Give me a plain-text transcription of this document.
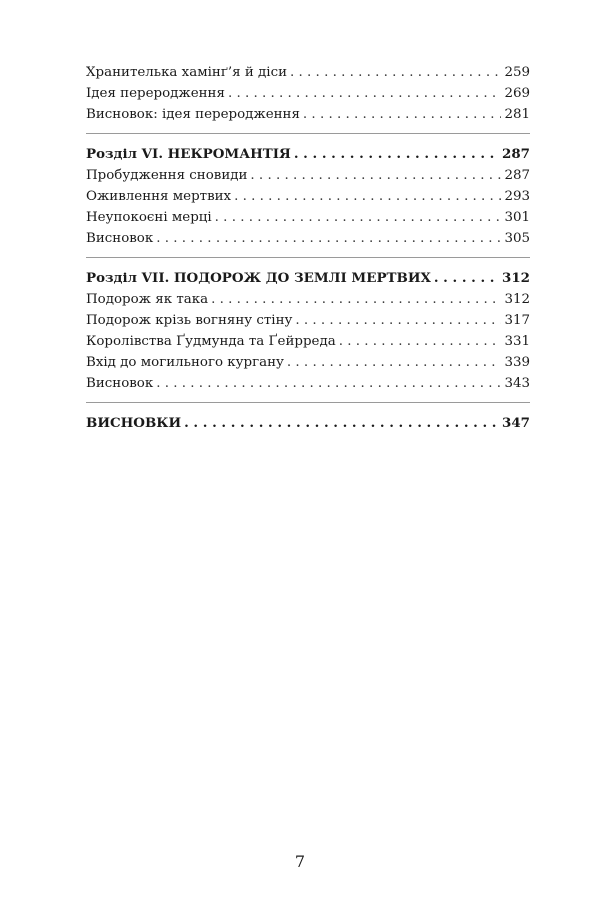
Хранителька хамінґ’я й діси . . .	259
Ідея переродження . . .	269
Висновок: ідея переродження . . .	281
Розділ VI. НЕКРОМАНТІЯ . . .	287
Пробудження сновиди . . .	287
Оживлення мертвих . . .	293
Неупокоєні мерці . . .	301
Висновок . . .	305
Розділ VII. ПОДОРОЖ ДО ЗЕМЛІ МЕРТВИХ . . .	312
Подорож як така . . .	312
Подорож крізь вогняну стіну . . .	317
Королівства Ґудмунда та Ґейрреда . . .	331
Вхід до могильного кургану . . .	339
Висновок . . .	343
ВИСНОВКИ . . .	347
7
